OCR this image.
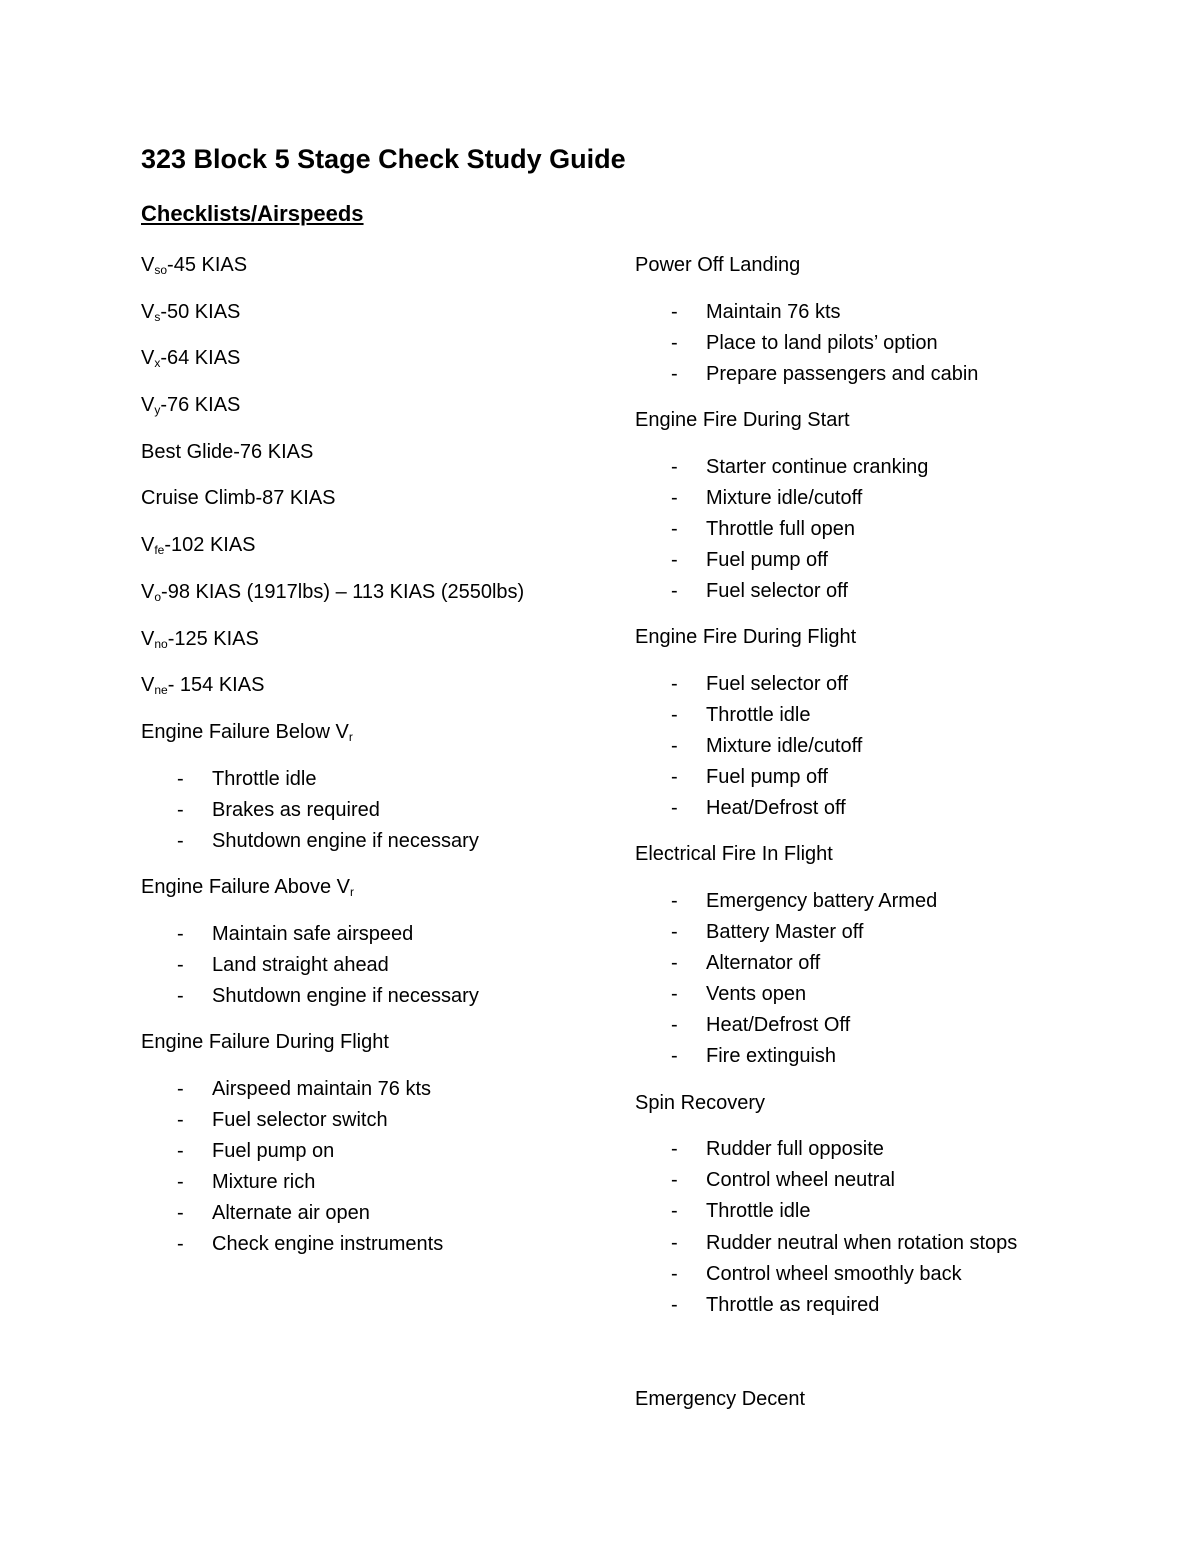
323 Block 5 Stage Check Study Guide
Checklists/Airspeeds
$V_{so}-45$ KIAS
$V_s-50$ KIAS
$V_x-64$ KIAS
$V_y-76$ KIAS
Best Glide-76 KIAS
Cruise Climb-87 KIAS
$V_{fe}-102$ KIAS
$V_o-98$ KIAS (1917lbs) – 113 KIAS (2550lbs)
$V_{no}-125$ KIAS
$V_{ne}-$ 154 KIAS
Engine Failure Below $V_r$
- Throttle idle
- Brakes as required
- Shutdown engine if necessary
Engine Failure Above $V_r$
- Maintain safe airspeed
- Land straight ahead
- Shutdown engine if necessary
Engine Failure During Flight
- Airspeed maintain 76 kts
- Fuel selector switch
- Fuel pump on
- Mixture rich
- Alternate air open
- Check engine instruments
Power Off Landing
- Maintain 76 kts
- Place to land pilots’ option
- Prepare passengers and cabin
Engine Fire During Start
- Starter continue cranking
- Mixture idle/cutoff
- Throttle full open
- Fuel pump off
- Fuel selector off
Engine Fire During Flight
- Fuel selector off
- Throttle idle
- Mixture idle/cutoff
- Fuel pump off
- Heat/Defrost off
Electrical Fire In Flight
- Emergency battery Armed
- Battery Master off
- Alternator off
- Vents open
- Heat/Defrost Off
- Fire extinguish
Spin Recovery
- Rudder full opposite
- Control wheel neutral
- Throttle idle
- Rudder neutral when rotation stops
- Control wheel smoothly back
- Throttle as required
Emergency Decent
